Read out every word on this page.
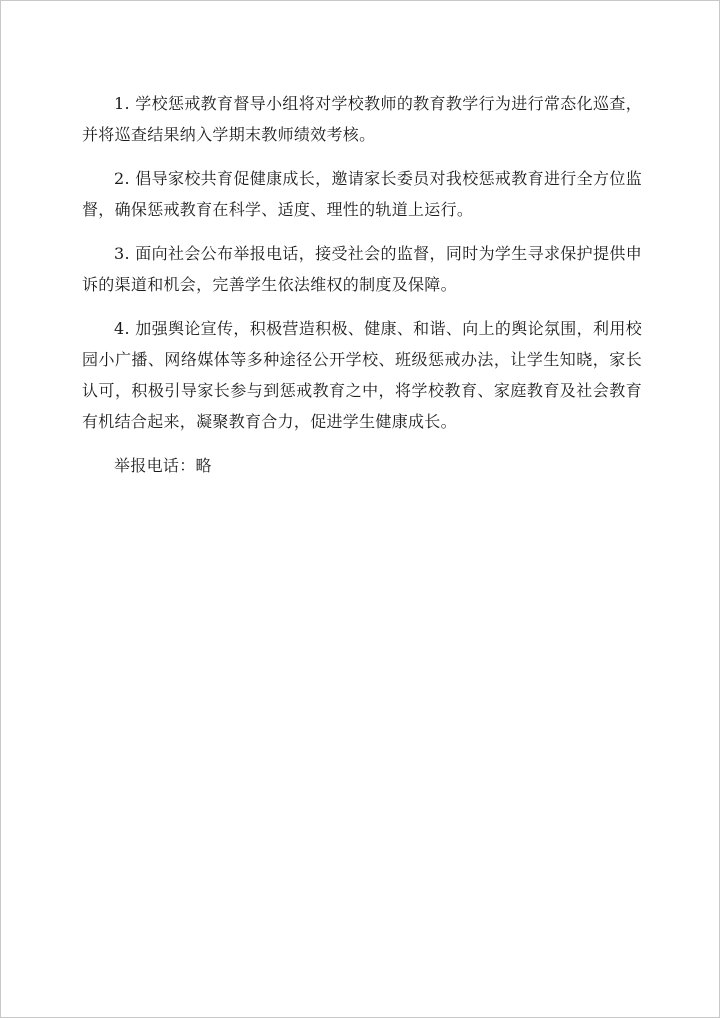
1. 学校惩戒教育督导小组将对学校教师的教育教学行为进行常态化巡查，并将巡查结果纳入学期末教师绩效考核。

2. 倡导家校共育促健康成长，邀请家长委员对我校惩戒教育进行全方位监督，确保惩戒教育在科学、适度、理性的轨道上运行。

3. 面向社会公布举报电话，接受社会的监督，同时为学生寻求保护提供申诉的渠道和机会，完善学生依法维权的制度及保障。

4. 加强舆论宣传，积极营造积极、健康、和谐、向上的舆论氛围，利用校园小广播、网络媒体等多种途径公开学校、班级惩戒办法，让学生知晓，家长认可，积极引导家长参与到惩戒教育之中，将学校教育、家庭教育及社会教育有机结合起来，凝聚教育合力，促进学生健康成长。

举报电话：略
